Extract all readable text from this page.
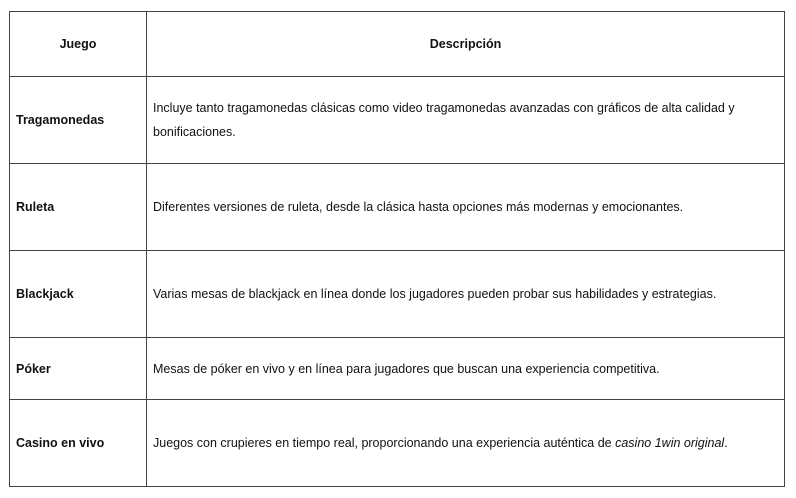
Juego	Descripción
Tragamonedas	Incluye tanto tragamonedas clásicas como video tragamonedas avanzadas con gráficos de alta calidad y bonificaciones.
Ruleta	Diferentes versiones de ruleta, desde la clásica hasta opciones más modernas y emocionantes.
Blackjack	Varias mesas de blackjack en línea donde los jugadores pueden probar sus habilidades y estrategias.
Póker	Mesas de póker en vivo y en línea para jugadores que buscan una experiencia competitiva.
Casino en vivo	Juegos con crupieres en tiempo real, proporcionando una experiencia auténtica de casino 1win original.
